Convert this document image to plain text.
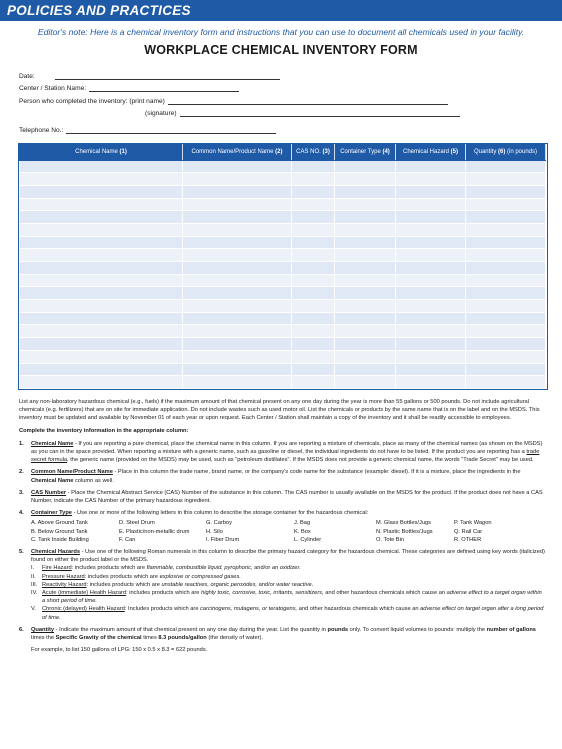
POLICIES AND PRACTICES
Editor's note: Here is a chemical inventory form and instructions that you can use to document all chemicals used in your facility.
WORKPLACE CHEMICAL INVENTORY FORM
Date:
Center / Station Name:
Person who completed the inventory: (print name)
(signature)
Telephone No.:
Chemical Name (1)	Common Name/Product Name (2)	CAS NO. (3)	Container Type (4)	Chemical Hazard (5)	Quantity (6) (in pounds)

List any non-laboratory hazardous chemical (e.g., fuels) if the maximum amount of that chemical present on any one day during the year is more than 55 gallons or 500 pounds. Do not include agricultural chemicals (e.g. fertilizers) that are on site for immediate application. Do not include wastes such as used motor oil. List the chemicals or products by the same name that is on the label and on the MSDS. This inventory must be updated and available by November 01 of each year or upon request. Each Center / Station shall maintain a copy of the inventory and it shall be readily accessible to employees.
Complete the inventory information in the appropriate column:
1.	Chemical Name - If you are reporting a pure chemical, place the chemical name in this column. If you are reporting a mixture of chemicals, place as many of the chemical names (as shown on the MSDS) as you can in the space provided. When reporting a mixture with a generic name, such as gasoline or diesel, the individual ingredients do not have to be listed. If the product you are reporting has a trade secret formula, the generic name (provided on the MSDS) may be used, such as "petroleum distillates". If the MSDS does not provide a generic chemical name, the words "Trade Secret" may be used.
2.	Common Name/Product Name - Place in this column the trade name, brand name, or the company's code name for the substance (example: diesel). If it is a mixture, place the ingredients in the Chemical Name column as well.
3.	CAS Number - Place the Chemical Abstract Service (CAS) Number of the substance in this column. The CAS number is usually available on the MSDS for the product. If the product does not have a CAS Number, indicate the CAS Number of the primary hazardous ingredient.
4.	Container Type - Use one or more of the following letters in this column to describe the storage container for the hazardous chemical:
A. Above Ground Tank	D. Steel Drum	G. Carboy	J. Bag	M. Glass Bottles/Jugs	P. Tank Wagon
B. Below Ground Tank	E. Plastic/non-metallic drum	H. Silo	K. Box	N. Plastic Bottles/Jugs	Q. Rail Car
C. Tank Inside Building	F. Can	I. Fiber Drum	L. Cylinder	O. Tote Bin	R. OTHER
5.	Chemical Hazards - Use one of the following Roman numerals in this column to describe the primary hazard category for the hazardous chemical. These categories are defined using key words (italicized) found on either the product label or the MSDS.
I.	Fire Hazard: includes products which are flammable, combustible liquid, pyrophoric, and/or an oxidizer.
II.	Pressure Hazard: includes products which are explosive or compressed gases.
III. Reactivity Hazard: includes products which are unstable reactives, organic peroxides, and/or water reactive.
IV. Acute (immediate) Health Hazard: includes products which are highly toxic, corrosive, toxic, irritants, sensitizers, and other hazardous chemicals which cause an adverse effect to a target organ within a short period of time.
V.	Chronic (delayed) Health Hazard: Includes products which are carcinogens, mutagens, or teratogens, and other hazardous chemicals which cause an adverse effect on target organ after a long period of time.
6.	Quantity - Indicate the maximum amount of that chemical present on any one day during the year. List the quantity in pounds only. To convert liquid volumes to pounds: multiply the number of gallons times the Specific Gravity of the chemical times 8.3 pounds/gallon (the density of water).
For example, to list 150 gallons of LPG: 150 x 0.5 x 8.3 = 622 pounds.
